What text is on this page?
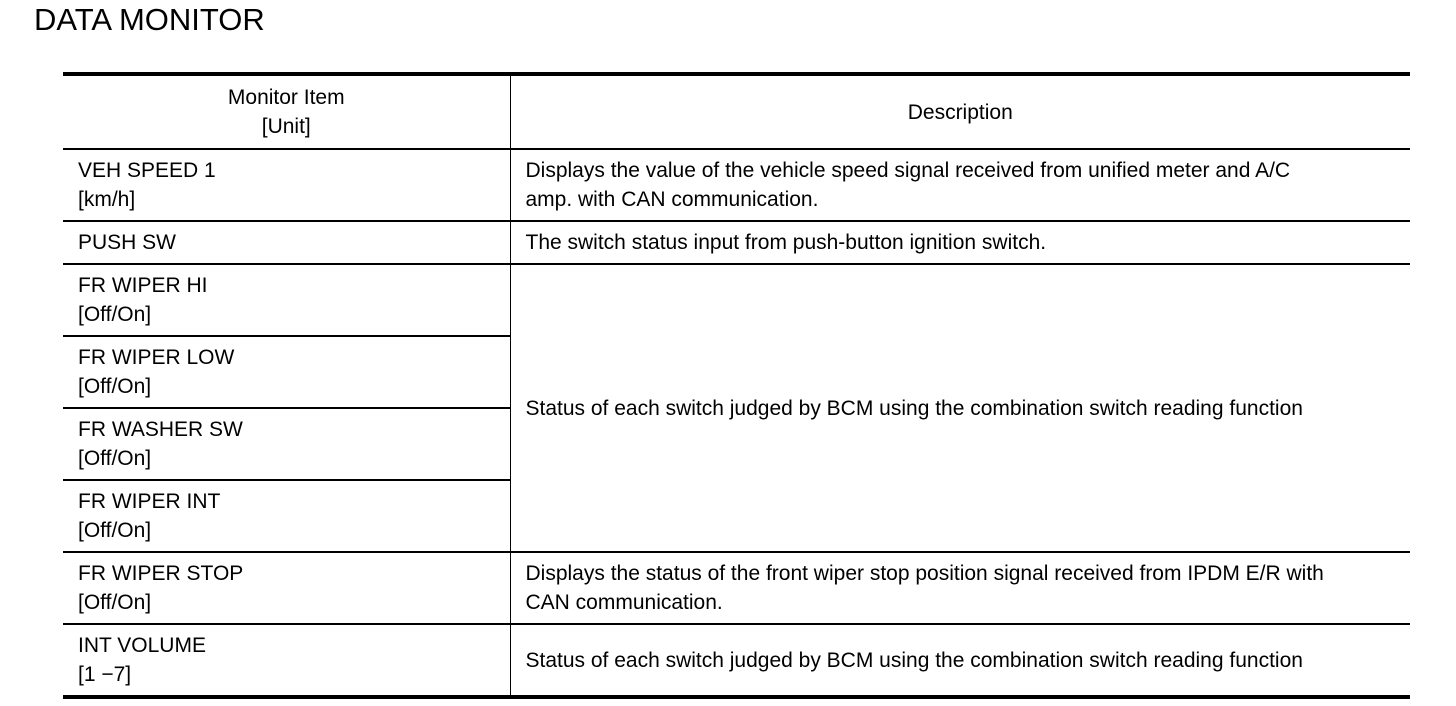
DATA MONITOR
Monitor Item
[Unit]	Description

VEH SPEED 1
[km/h]	Displays the value of the vehicle speed signal received from unified meter and A/C
amp. with CAN communication.

PUSH SW	The switch status input from push-button ignition switch.

FR WIPER HI
[Off/On]	Status of each switch judged by BCM using the combination switch reading function

FR WIPER LOW
[Off/On]	

FR WASHER SW
[Off/On]	

FR WIPER INT
[Off/On]	

FR WIPER STOP
[Off/On]	Displays the status of the front wiper stop position signal received from IPDM E/R with
CAN communication.

INT VOLUME
[1 −7]	Status of each switch judged by BCM using the combination switch reading function
